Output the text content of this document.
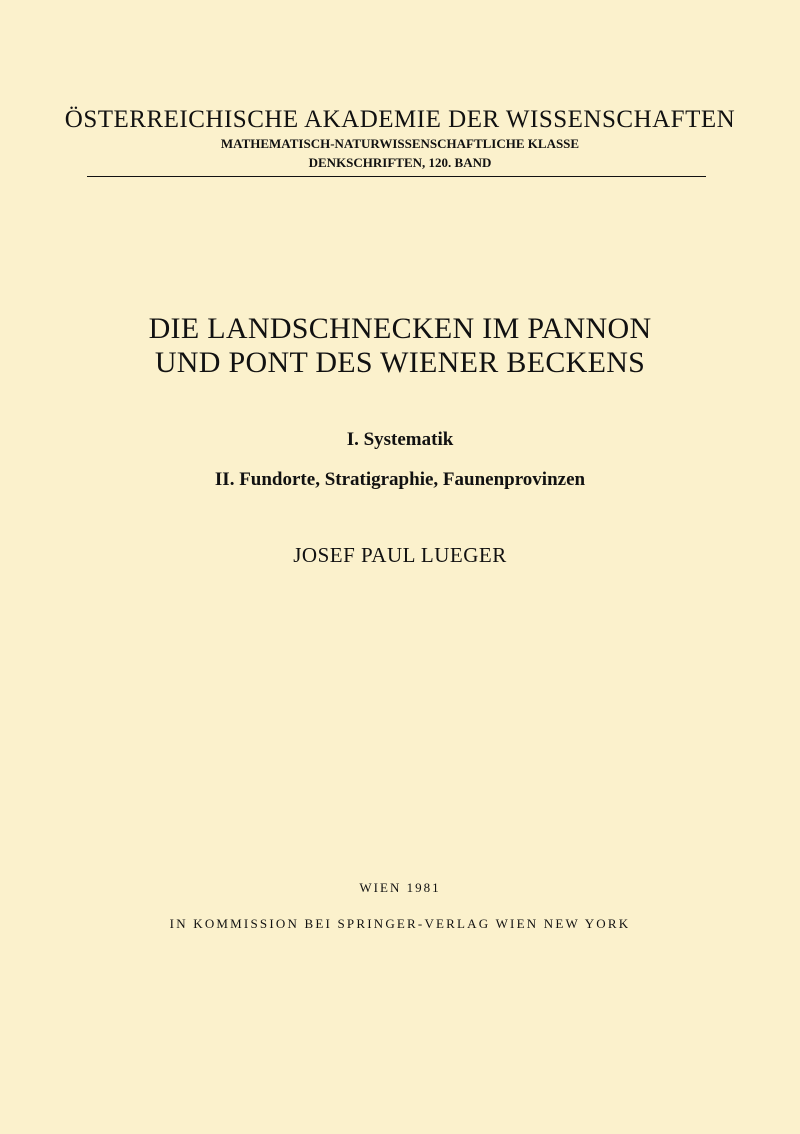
ÖSTERREICHISCHE AKADEMIE DER WISSENSCHAFTEN
MATHEMATISCH-NATURWISSENSCHAFTLICHE KLASSE
DENKSCHRIFTEN, 120. BAND
DIE LANDSCHNECKEN IM PANNON
UND PONT DES WIENER BECKENS
I. Systematik
II. Fundorte, Stratigraphie, Faunenprovinzen
JOSEF PAUL LUEGER
WIEN 1981
IN KOMMISSION BEI SPRINGER-VERLAG WIEN NEW YORK
